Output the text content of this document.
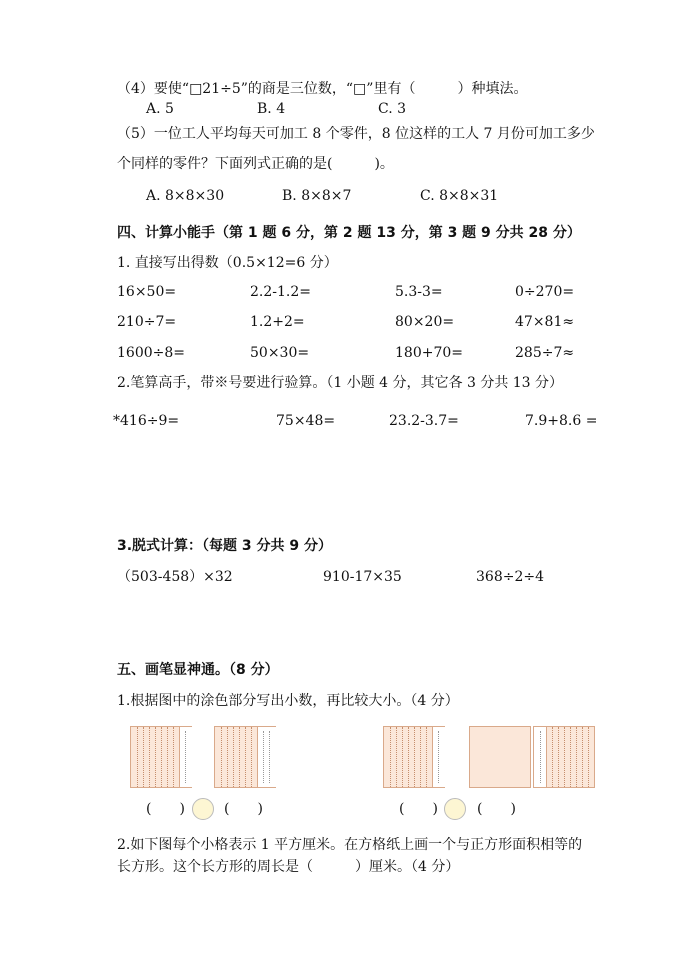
（4）要使“□21÷5”的商是三位数，“□”里有（　　　）种填法。
A. 5	B. 4	C. 3
（5）一位工人平均每天可加工 8 个零件，8 位这样的工人 7 月份可加工多少
个同样的零件？下面列式正确的是(　　　)。
A. 8×8×30	B. 8×8×7	C. 8×8×31
四、计算小能手（第 1 题 6 分，第 2 题 13 分，第 3 题 9 分共 28 分）
1. 直接写出得数（0.5×12=6 分）
16×50=	2.2-1.2=	5.3-3=	0÷270=
210÷7=	1.2+2=	80×20=	47×81≈
1600÷8=	50×30=	180+70=	285÷7≈
2.笔算高手，带※号要进行验算。（1 小题 4 分，其它各 3 分共 13 分）
*416÷9=	75×48=	23.2-3.7=	7.9+8.6 =
3.脱式计算：（每题 3 分共 9 分）
（503-458）×32	910-17×35	368÷2÷4
五、画笔显神通。（8 分）
1.根据图中的涂色部分写出小数，再比较大小。（4 分）
(　　)	(　　)	(　　)	(　　)
2.如下图每个小格表示 1 平方厘米。在方格纸上画一个与正方形面积相等的
长方形。这个长方形的周长是（　　　）厘米。（4 分）
